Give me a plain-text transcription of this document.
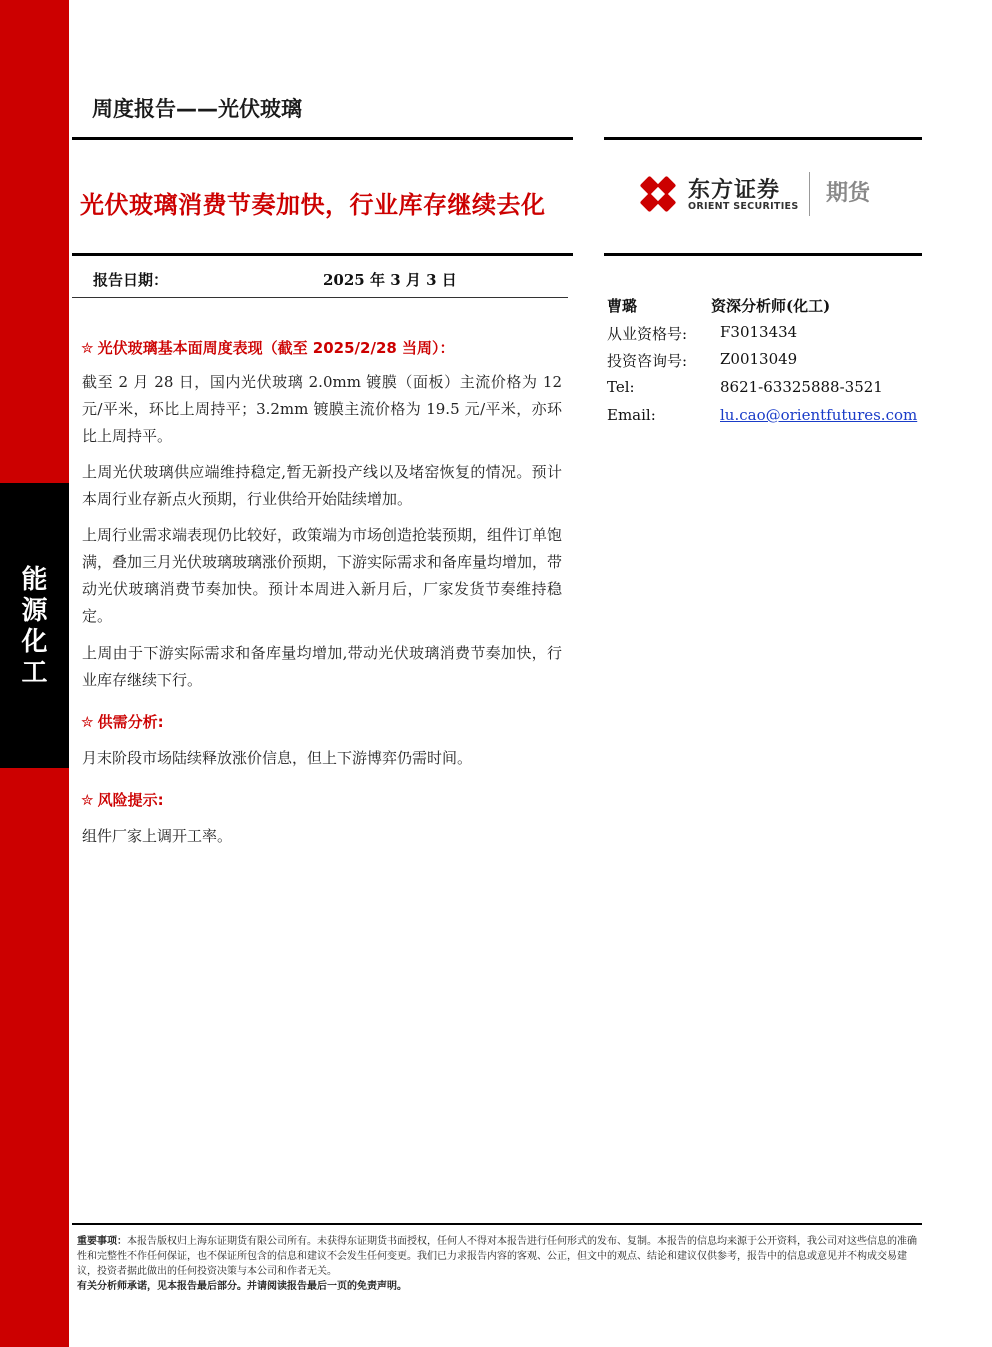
能
源
化
工
周度报告——光伏玻璃
光伏玻璃消费节奏加快，行业库存继续去化
东方证券
ORIENT SECURITIES
期货
报告日期：	2025 年 3 月 3 日
曹璐	资深分析师(化工)
从业资格号: F3013434
投资咨询号: Z0013049
Tel:	8621-63325888-3521
Email:	lu.cao@orientfutures.com
✮ 光伏玻璃基本面周度表现（截至 2025/2/28 当周）：
截至 2 月 28 日，国内光伏玻璃 2.0mm 镀膜（面板）主流价格为 12 元/平米，环比上周持平；3.2mm 镀膜主流价格为 19.5 元/平米，亦环比上周持平。
上周光伏玻璃供应端维持稳定,暂无新投产线以及堵窑恢复的情况。预计本周行业存新点火预期，行业供给开始陆续增加。
上周行业需求端表现仍比较好，政策端为市场创造抢装预期，组件订单饱满，叠加三月光伏玻璃玻璃涨价预期，下游实际需求和备库量均增加，带动光伏玻璃消费节奏加快。预计本周进入新月后，厂家发货节奏维持稳定。
上周由于下游实际需求和备库量均增加,带动光伏玻璃消费节奏加快，行业库存继续下行。
✮ 供需分析:
月末阶段市场陆续释放涨价信息，但上下游博弈仍需时间。
✮ 风险提示:
组件厂家上调开工率。
重要事项：本报告版权归上海东证期货有限公司所有。未获得东证期货书面授权，任何人不得对本报告进行任何形式的发布、复制。本报告的信息均来源于公开资料，我公司对这些信息的准确性和完整性不作任何保证，也不保证所包含的信息和建议不会发生任何变更。我们已力求报告内容的客观、公正，但文中的观点、结论和建议仅供参考，报告中的信息或意见并不构成交易建议，投资者据此做出的任何投资决策与本公司和作者无关。
有关分析师承诺，见本报告最后部分。并请阅读报告最后一页的免责声明。
